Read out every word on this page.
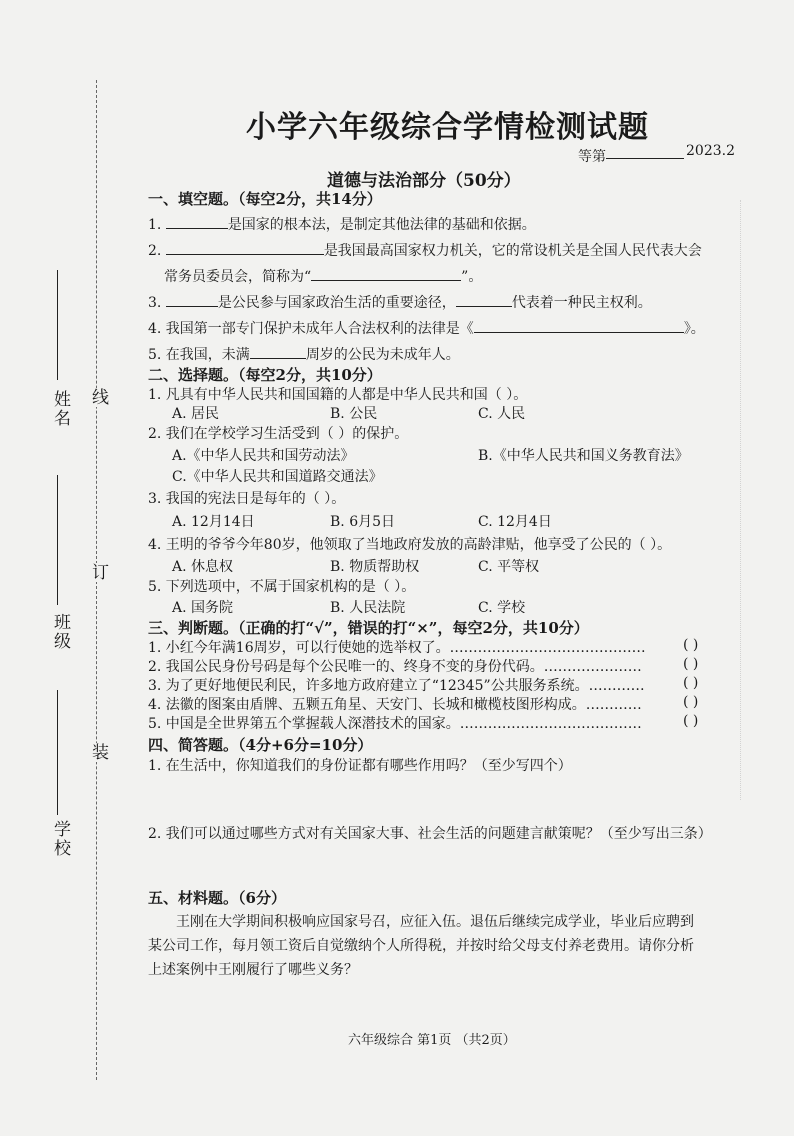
姓名
班级
学校
线
订
装
小学六年级综合学情检测试题
等第	2023.2
道德与法治部分（50分）
一、填空题。（每空2分，共14分）
1.	是国家的根本法，是制定其他法律的基础和依据。
2.	是我国最高国家权力机关，它的常设机关是全国人民代表大会
常务员委员会，简称为“	”。
3.	是公民参与国家政治生活的重要途径，	代表着一种民主权利。
4. 我国第一部专门保护未成年人合法权利的法律是《	》。
5. 在我国，未满	周岁的公民为未成年人。
二、选择题。（每空2分，共10分）
1. 凡具有中华人民共和国国籍的人都是中华人民共和国（ ）。
A. 居民	B. 公民	C. 人民
2. 我们在学校学习生活受到（ ）的保护。
A.《中华人民共和国劳动法》	B.《中华人民共和国义务教育法》
C.《中华人民共和国道路交通法》
3. 我国的宪法日是每年的（ ）。
A. 12月14日	B. 6月5日	C. 12月4日
4. 王明的爷爷今年80岁，他领取了当地政府发放的高龄津贴，他享受了公民的（ ）。
A. 休息权	B. 物质帮助权	C. 平等权
5. 下列选项中，不属于国家机构的是（ ）。
A. 国务院	B. 人民法院	C. 学校
三、判断题。（正确的打“√”，错误的打“×”，每空2分，共10分）
1. 小红今年满16周岁，可以行使她的选举权了。……………………………………	( )
2. 我国公民身份号码是每个公民唯一的、终身不变的身份代码。…………………	( )
3. 为了更好地便民利民，许多地方政府建立了“12345”公共服务系统。…………	( )
4. 法徽的图案由盾牌、五颗五角星、天安门、长城和橄榄枝图形构成。…………	( )
5. 中国是全世界第五个掌握载人深潜技术的国家。…………………………………	( )
四、简答题。（4分+6分=10分）
1. 在生活中，你知道我们的身份证都有哪些作用吗？（至少写四个）
2. 我们可以通过哪些方式对有关国家大事、社会生活的问题建言献策呢？（至少写出三条）
五、材料题。（6分）
王刚在大学期间积极响应国家号召，应征入伍。退伍后继续完成学业，毕业后应聘到
某公司工作，每月领工资后自觉缴纳个人所得税，并按时给父母支付养老费用。请你分析
上述案例中王刚履行了哪些义务？
六年级综合 第1页 （共2页）
